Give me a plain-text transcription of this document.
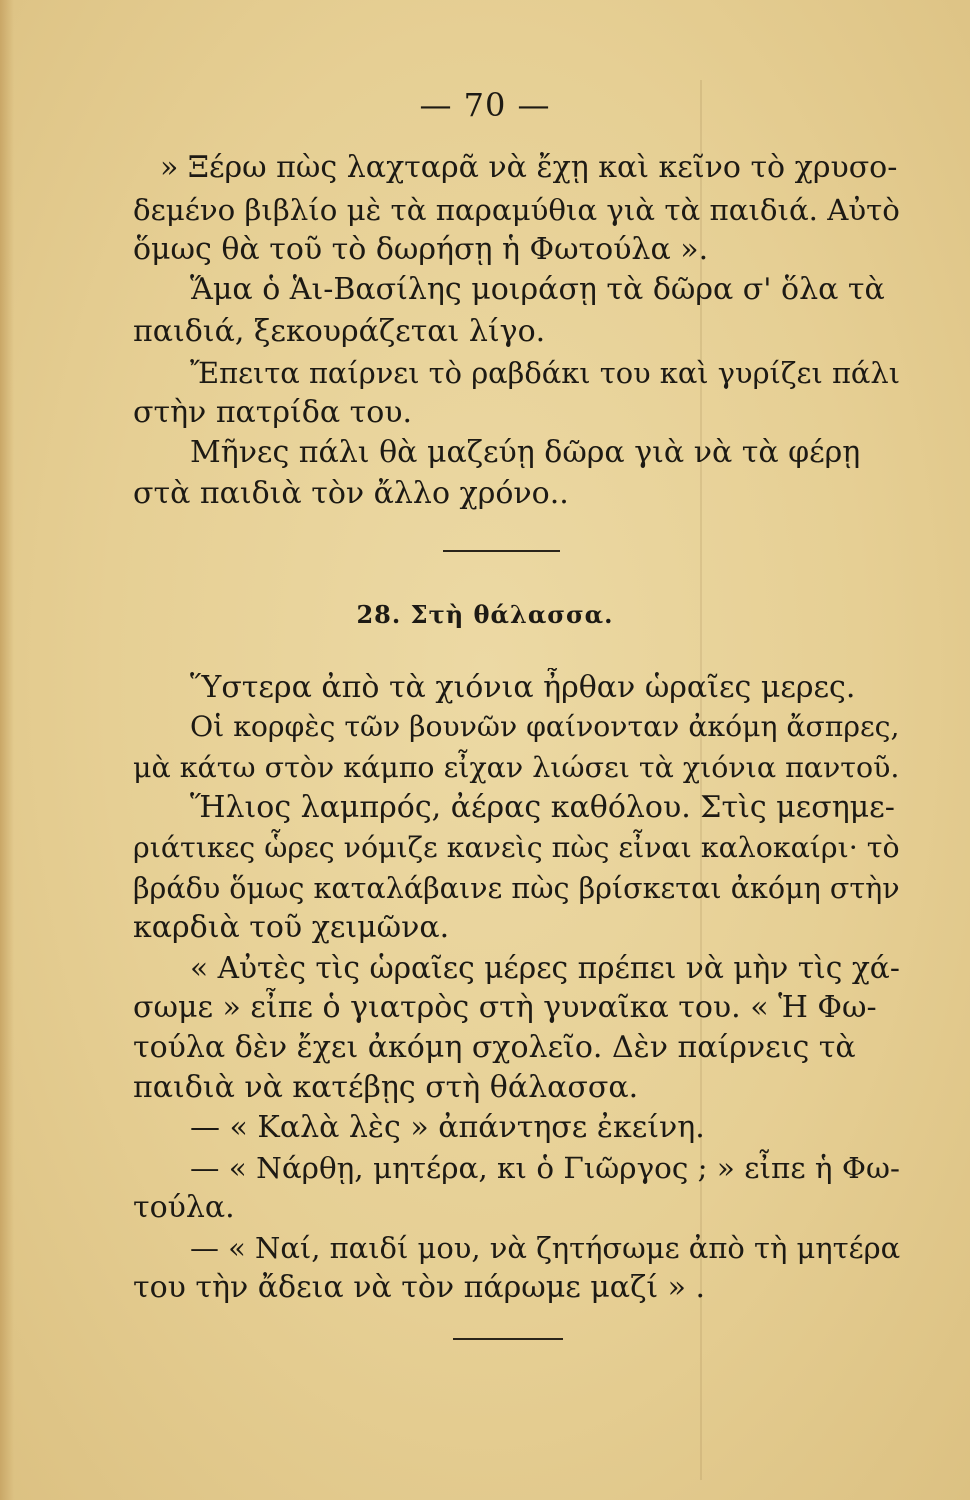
— 70 —
» Ξέρω πὼς λαχταρᾶ νὰ ἔχῃ καὶ κεῖνο τὸ χρυσο-
δεμένο βιβλίο μὲ τὰ παραμύθια γιὰ τὰ παιδιά. Αὐτὸ
ὅμως θὰ τοῦ τὸ δωρήσῃ ἡ Φωτούλα ».
Ἅμα ὁ Ἁι-Βασίλης μοιράσῃ τὰ δῶρα σ' ὅλα τὰ
παιδιά, ξεκουράζεται λίγο.
Ἔπειτα παίρνει τὸ ραβδάκι του καὶ γυρίζει πάλι
στὴν πατρίδα του.
Μῆνες πάλι θὰ μαζεύῃ δῶρα γιὰ νὰ τὰ φέρῃ
στὰ παιδιὰ τὸν ἄλλο χρόνο..
28. Στὴ θάλασσα.
Ὕστερα ἀπὸ τὰ χιόνια ἦρθαν ὡραῖες μερες.
Οἱ κορφὲς τῶν βουνῶν φαίνονταν ἀκόμη ἄσπρες,
μὰ κάτω στὸν κάμπο εἶχαν λιώσει τὰ χιόνια παντοῦ.
Ἥλιος λαμπρός, ἀέρας καθόλου. Στὶς μεσημε-
ριάτικες ὧρες νόμιζε κανεὶς πὼς εἶναι καλοκαίρι· τὸ
βράδυ ὅμως καταλάβαινε πὼς βρίσκεται ἀκόμη στὴν
καρδιὰ τοῦ χειμῶνα.
« Αὐτὲς τὶς ὡραῖες μέρες πρέπει νὰ μὴν τὶς χά-
σωμε » εἶπε ὁ γιατρὸς στὴ γυναῖκα του. « Ἡ Φω-
τούλα δὲν ἔχει ἀκόμη σχολεῖο. Δὲν παίρνεις τὰ
παιδιὰ νὰ κατέβῃς στὴ θάλασσα.
— « Καλὰ λὲς » ἀπάντησε ἐκείνη.
— « Νάρθῃ, μητέρα, κι ὁ Γιῶργος ; » εἶπε ἡ Φω-
τούλα.
— « Ναί, παιδί μου, νὰ ζητήσωμε ἀπὸ τὴ μητέρα
του τὴν ἄδεια νὰ τὸν πάρωμε μαζί » .
